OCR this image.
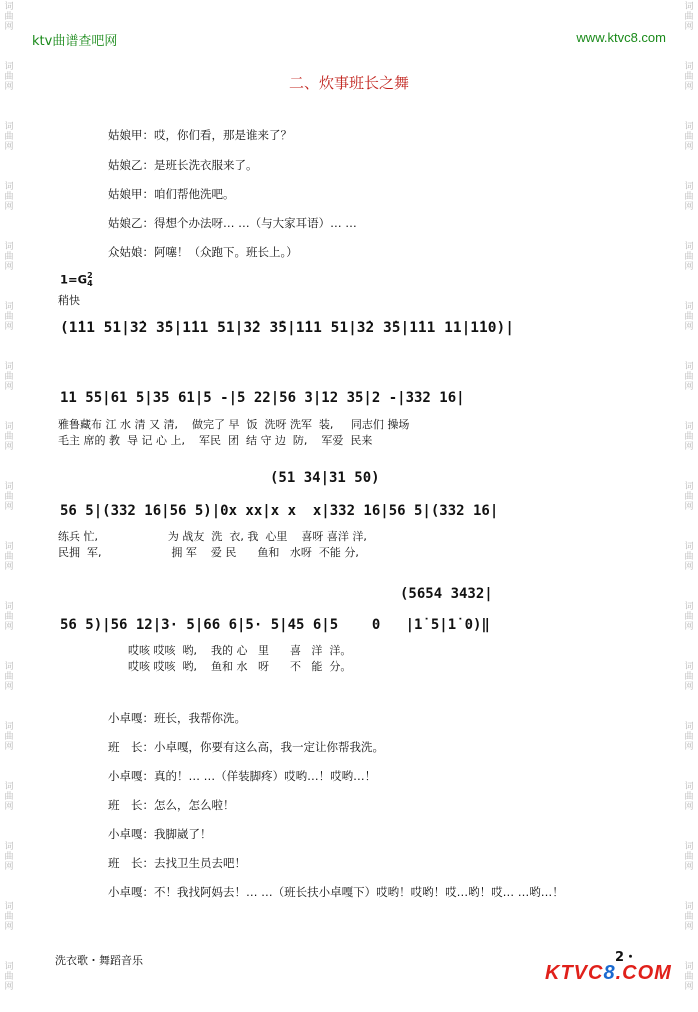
ktv曲谱查吧网	www.ktvc8.com
二、炊事班长之舞
姑娘甲：哎，你们看，那是谁来了？
姑娘乙：是班长洗衣服来了。
姑娘甲：咱们帮他洗吧。
姑娘乙：得想个办法呀… …（与大家耳语）… …
众姑娘：阿噻！（众跑下。班长上。）
1=G2
4
稍快
(1̇11 51|3̇2 3̇5|1̇11 51|3̇2 3̇5|1̇11 51|3̇2 3̇5|1̇11 11|1̇10)|
11 55|61 5|35 61|5 -|5 22|56 3|12 35|2 -|332 16|
雅鲁藏布 江 水 清 又 清,    做完了 早  饭  洗呀 洗军  装,     同志们 操场
毛主 席的 教  导 记 心 上,    军民  团  结 守 边  防,    军爱  民来
(51 34|31 50)
56 5|(332 16|56 5)|0x xx|x x  x|332 16|56 5|(332 16|
练兵 忙,                    为 战友  洗  衣, 我  心里    喜呀 喜洋 洋,
民拥  军,                    拥 军    爱 民      鱼和   水呀  不能 分,
(5654 3432|
56 5)|56 12|3· 5|66 6|5· 5|45 6|5    0   |1̇ 5|1̇ 0)‖
哎咳 哎咳  哟,    我的 心   里      喜   洋  洋。
哎咳 哎咳  哟,    鱼和 水   呀      不   能  分。
小卓嘎：班长，我帮你洗。
班　长：小卓嘎，你要有这么高，我一定让你帮我洗。
小卓嘎：真的！… …（佯装脚疼）哎哟…！哎哟…！
班　长：怎么，怎么啦！
小卓嘎：我脚崴了！
班　长：去找卫生员去吧！
小卓嘎：不！我找阿妈去！… …（班长扶小卓嘎下）哎哟！哎哟！哎…哟！哎… …哟…！
洗衣歌・舞蹈音乐	2・
KTVC8.COM
词
曲
网
词
曲
网
词
曲
网
词
曲
网
词
曲
网
词
曲
网
词
曲
网
词
曲
网
词
曲
网
词
曲
网
词
曲
网
词
曲
网
词
曲
网
词
曲
网
词
曲
网
词
曲
网
词
曲
网
词
曲
网
词
曲
网
词
曲
网
词
曲
网
词
曲
网
词
曲
网
词
曲
网
词
曲
网
词
曲
网
词
曲
网
词
曲
网
词
曲
网
词
曲
网
词
曲
网
词
曲
网
词
曲
网
词
曲
网
